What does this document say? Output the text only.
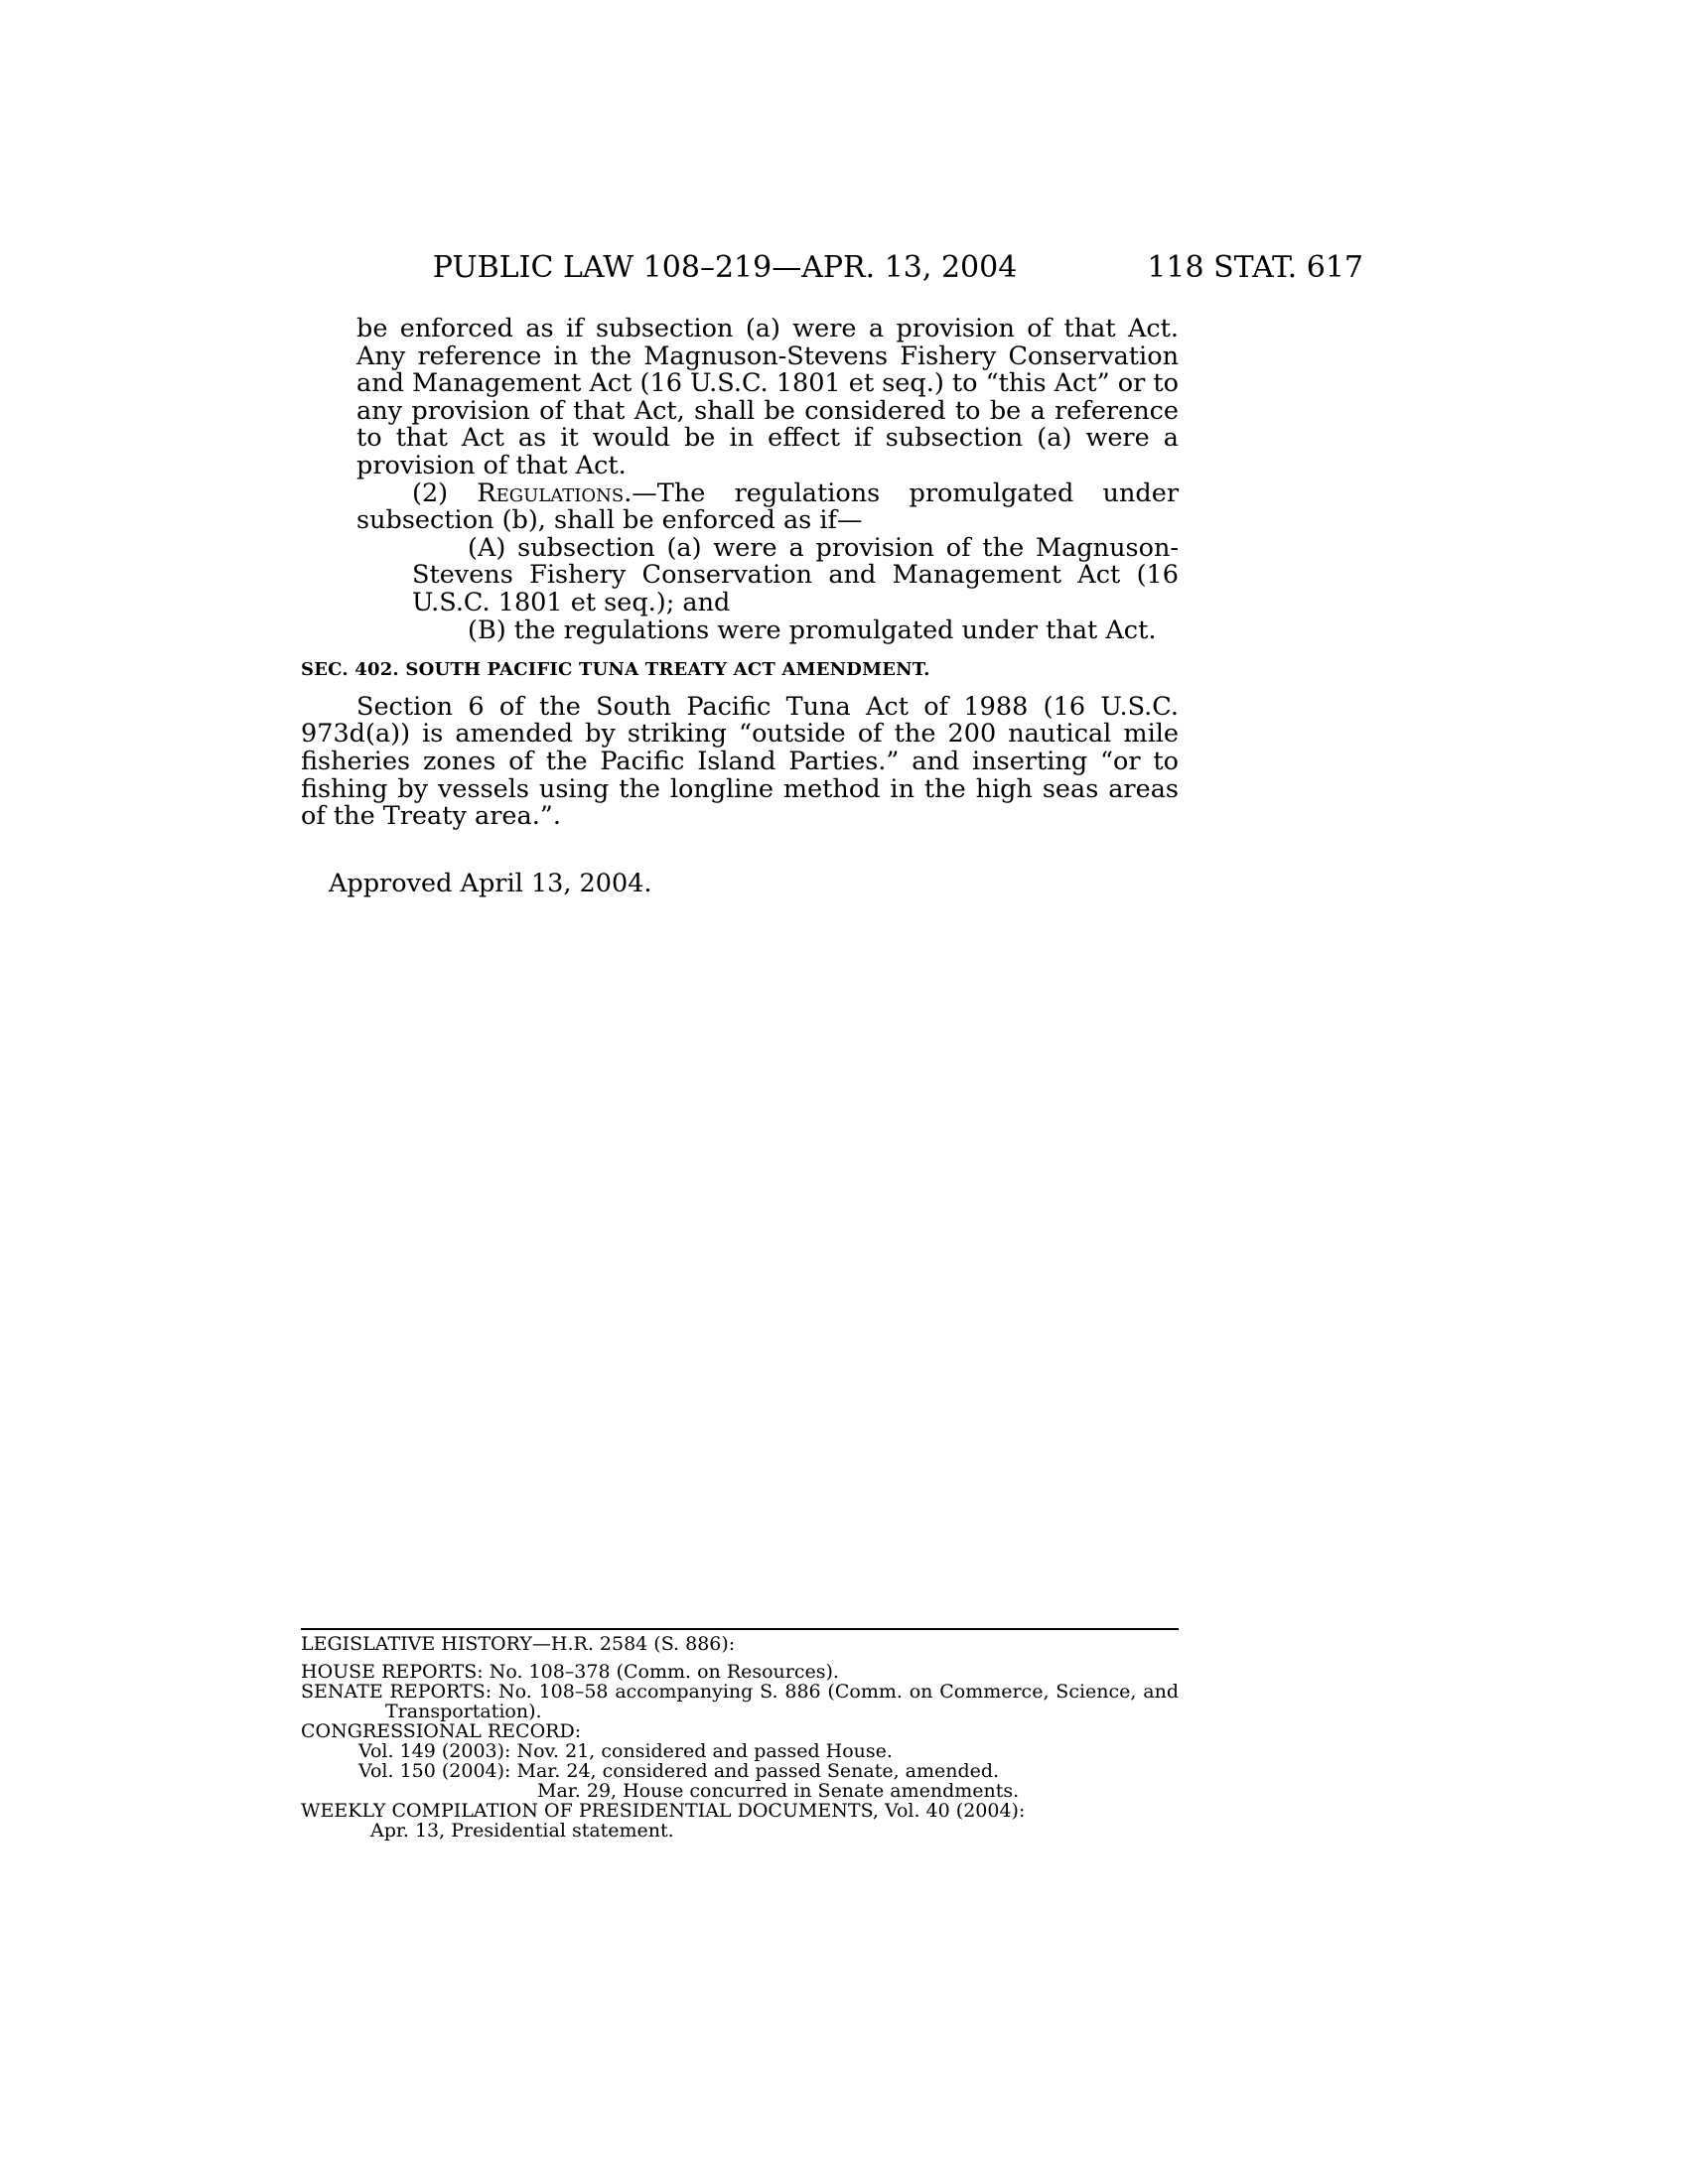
PUBLIC LAW 108–219—APR. 13, 2004	118 STAT. 617

be enforced as if subsection (a) were a provision of that Act. Any reference in the Magnuson-Stevens Fishery Conservation and Management Act (16 U.S.C. 1801 et seq.) to “this Act” or to any provision of that Act, shall be considered to be a reference to that Act as it would be in effect if subsection (a) were a provision of that Act.

(2) Regulations.—The regulations promulgated under subsection (b), shall be enforced as if—

(A) subsection (a) were a provision of the Magnuson-Stevens Fishery Conservation and Management Act (16 U.S.C. 1801 et seq.); and

(B) the regulations were promulgated under that Act.

SEC. 402. SOUTH PACIFIC TUNA TREATY ACT AMENDMENT.

Section 6 of the South Pacific Tuna Act of 1988 (16 U.S.C. 973d(a)) is amended by striking “outside of the 200 nautical mile fisheries zones of the Pacific Island Parties.” and inserting “or to fishing by vessels using the longline method in the high seas areas of the Treaty area.”.

Approved April 13, 2004.

LEGISLATIVE HISTORY—H.R. 2584 (S. 886):
HOUSE REPORTS: No. 108–378 (Comm. on Resources).
SENATE REPORTS: No. 108–58 accompanying S. 886 (Comm. on Commerce, Science, and Transportation).
CONGRESSIONAL RECORD:
Vol. 149 (2003): Nov. 21, considered and passed House.
Vol. 150 (2004): Mar. 24, considered and passed Senate, amended.
Mar. 29, House concurred in Senate amendments.
WEEKLY COMPILATION OF PRESIDENTIAL DOCUMENTS, Vol. 40 (2004):
Apr. 13, Presidential statement.
